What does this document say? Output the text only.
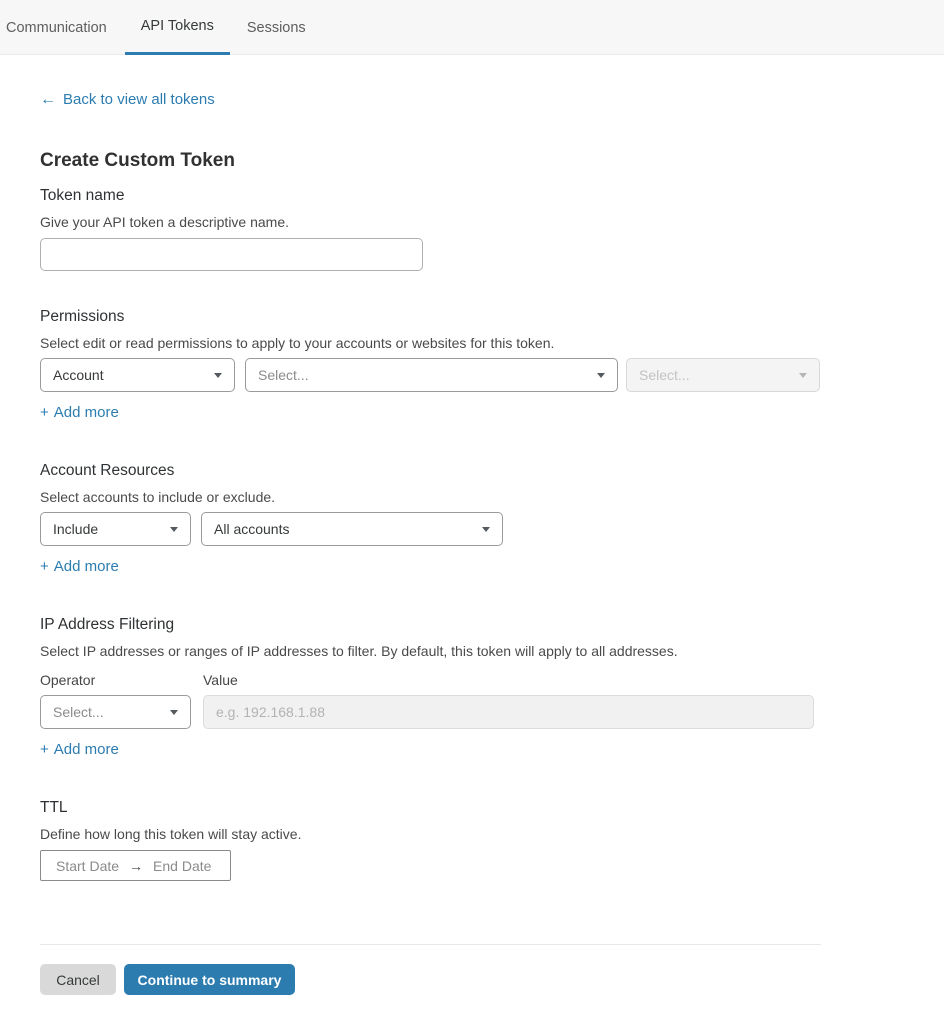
Communication	API Tokens	Sessions
← Back to view all tokens
Create Custom Token
Token name
Give your API token a descriptive name.
Permissions
Select edit or read permissions to apply to your accounts or websites for this token.
Account	Select...	Select...
+ Add more
Account Resources
Select accounts to include or exclude.
Include	All accounts
+ Add more
IP Address Filtering
Select IP addresses or ranges of IP addresses to filter. By default, this token will apply to all addresses.
Operator	Value
Select...
e.g. 192.168.1.88
+ Add more
TTL
Define how long this token will stay active.
Start Date → End Date
Cancel	Continue to summary
